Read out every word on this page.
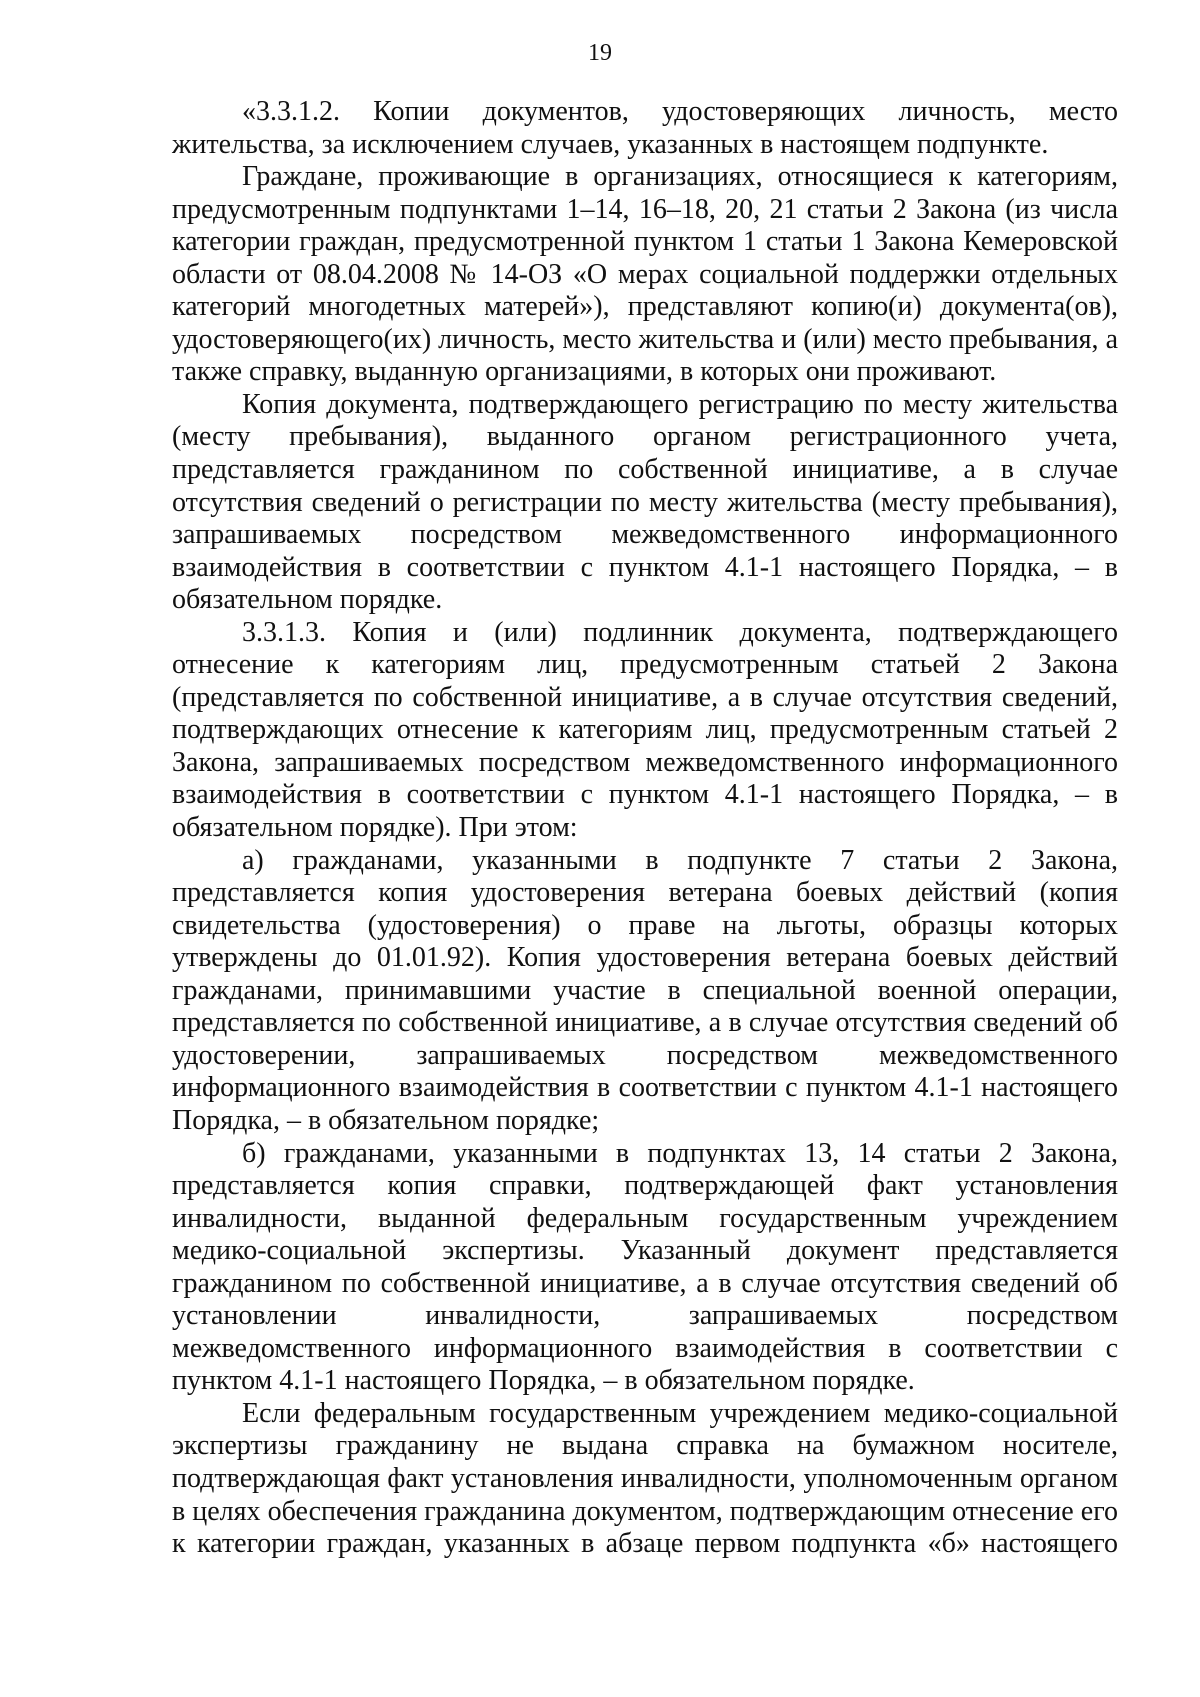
19

«3.3.1.2. Копии документов, удостоверяющих личность, место жительства, за исключением случаев, указанных в настоящем подпункте.

Граждане, проживающие в организациях, относящиеся к категориям, предусмотренным подпунктами 1–14, 16–18, 20, 21 статьи 2 Закона (из числа категории граждан, предусмотренной пунктом 1 статьи 1 Закона Кемеровской области от 08.04.2008 № 14-ОЗ «О мерах социальной поддержки отдельных категорий многодетных матерей»), представляют копию(и) документа(ов), удостоверяющего(их) личность, место жительства и (или) место пребывания, а также справку, выданную организациями, в которых они проживают.

Копия документа, подтверждающего регистрацию по месту жительства (месту пребывания), выданного органом регистрационного учета, представляется гражданином по собственной инициативе, а в случае отсутствия сведений о регистрации по месту жительства (месту пребывания), запрашиваемых посредством межведомственного информационного взаимодействия в соответствии с пунктом 4.1-1 настоящего Порядка, – в обязательном порядке.

3.3.1.3. Копия и (или) подлинник документа, подтверждающего отнесение к категориям лиц, предусмотренным статьей 2 Закона (представляется по собственной инициативе, а в случае отсутствия сведений, подтверждающих отнесение к категориям лиц, предусмотренным статьей 2 Закона, запрашиваемых посредством межведомственного информационного взаимодействия в соответствии с пунктом 4.1-1 настоящего Порядка, – в обязательном порядке). При этом:

а) гражданами, указанными в подпункте 7 статьи 2 Закона, представляется копия удостоверения ветерана боевых действий (копия свидетельства (удостоверения) о праве на льготы, образцы которых утверждены до 01.01.92). Копия удостоверения ветерана боевых действий гражданами, принимавшими участие в специальной военной операции, представляется по собственной инициативе, а в случае отсутствия сведений об удостоверении, запрашиваемых посредством межведомственного информационного взаимодействия в соответствии с пунктом 4.1-1 настоящего Порядка, – в обязательном порядке;

б) гражданами, указанными в подпунктах 13, 14 статьи 2 Закона, представляется копия справки, подтверждающей факт установления инвалидности, выданной федеральным государственным учреждением медико-социальной экспертизы. Указанный документ представляется гражданином по собственной инициативе, а в случае отсутствия сведений об установлении инвалидности, запрашиваемых посредством межведомственного информационного взаимодействия в соответствии с пунктом 4.1-1 настоящего Порядка, – в обязательном порядке.

Если федеральным государственным учреждением медико-социальной экспертизы гражданину не выдана справка на бумажном носителе, подтверждающая факт установления инвалидности, уполномоченным органом в целях обеспечения гражданина документом, подтверждающим отнесение его к категории граждан, указанных в абзаце первом подпункта «б» настоящего
